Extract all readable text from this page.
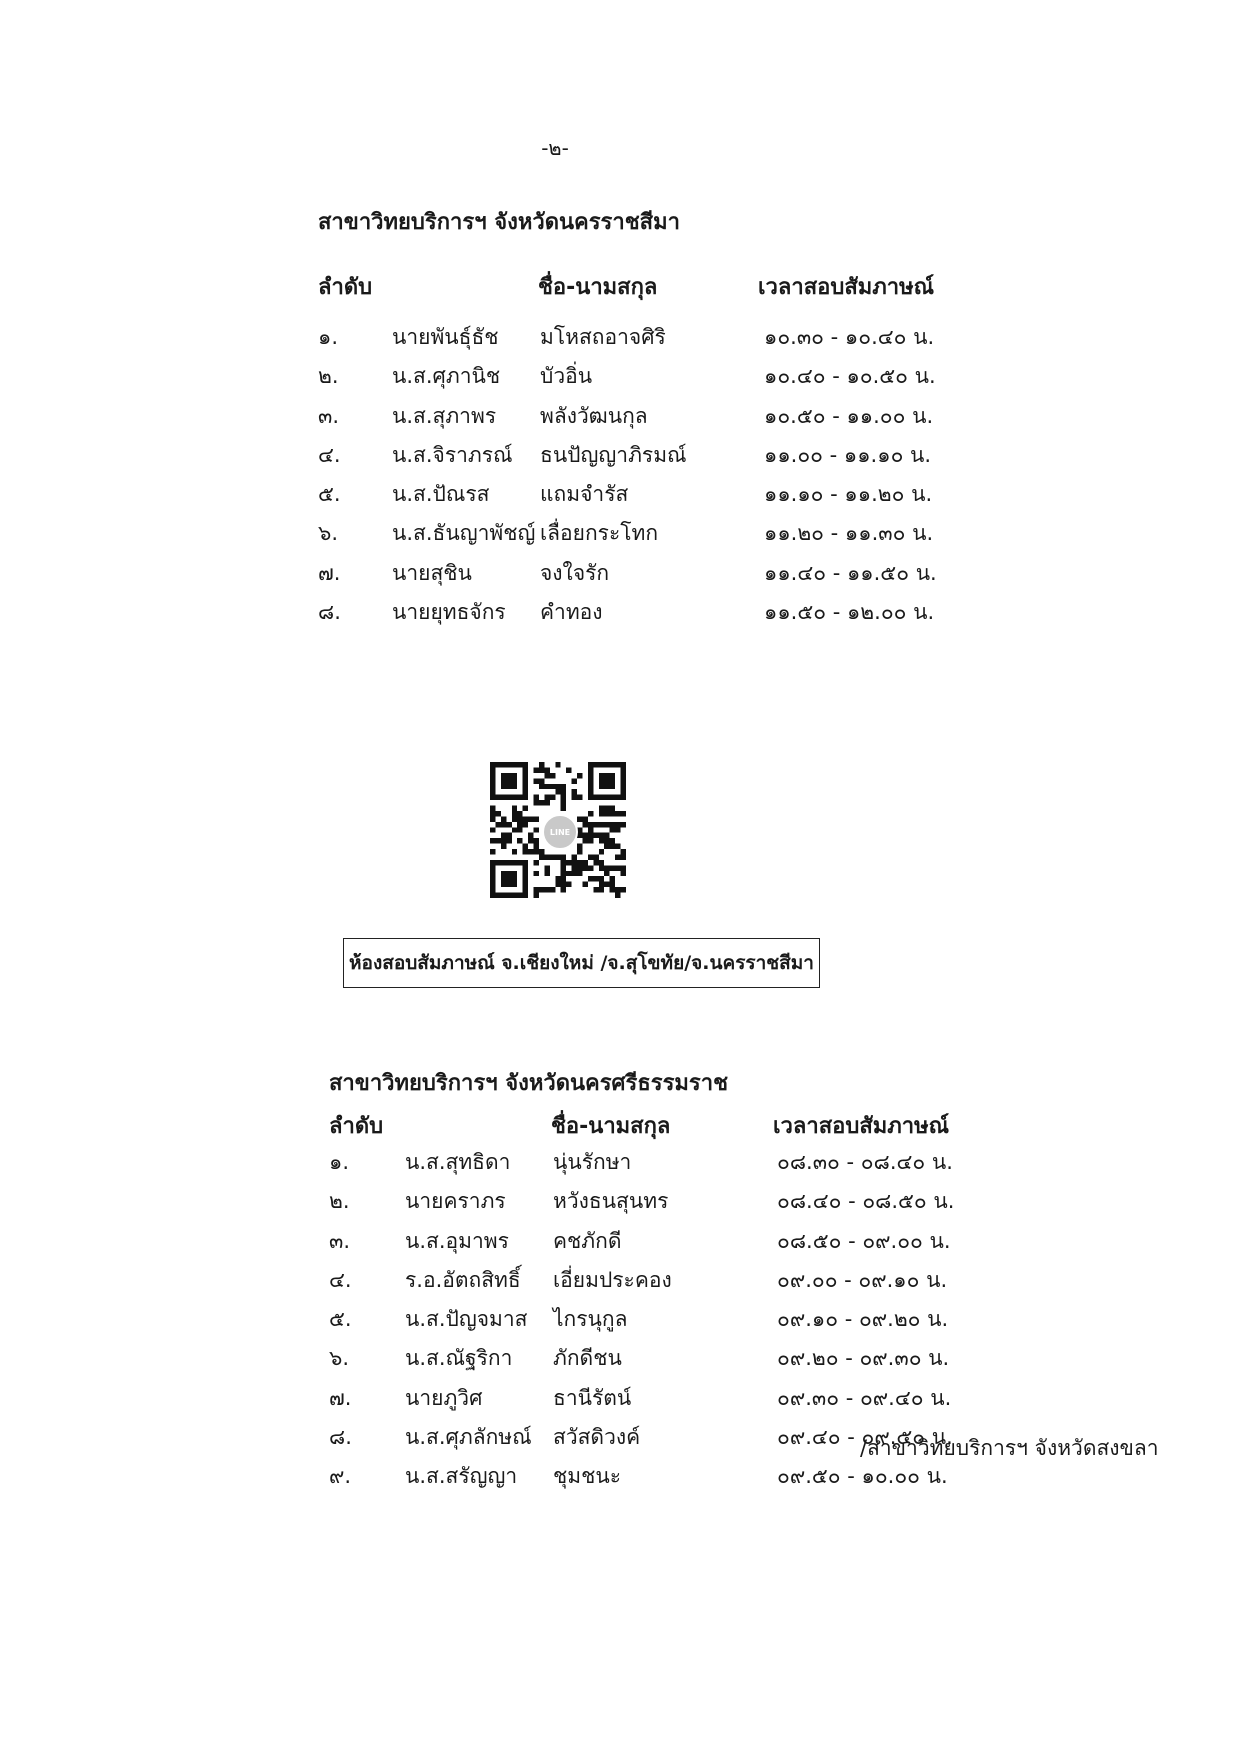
-๒-
สาขาวิทยบริการฯ จังหวัดนครราชสีมา
ลำดับ	ชื่อ-นามสกุล	เวลาสอบสัมภาษณ์
๑.	นายพันธุ์ธัช มโหสถอาจศิริ	๑๐.๓๐ - ๑๐.๔๐ น.
๒.	น.ส.ศุภานิช บัวอิ่น	๑๐.๔๐ - ๑๐.๕๐ น.
๓.	น.ส.สุภาพร พลังวัฒนกุล	๑๐.๕๐ - ๑๑.๐๐ น.
๔. น.ส.จิราภรณ์ ธนปัญญาภิรมณ์	๑๑.๐๐ - ๑๑.๑๐ น.
๕. น.ส.ปัณรส แถมจำรัส	๑๑.๑๐ - ๑๑.๒๐ น.
๖.	น.ส.ธันญาพัชญ์ เลื่อยกระโทก	๑๑.๒๐ - ๑๑.๓๐ น.
๗. นายสุชิน	จงใจรัก	๑๑.๔๐ - ๑๑.๕๐ น.
๘. นายยุทธจักร คำทอง	๑๑.๕๐ - ๑๒.๐๐ น.
LINE
ห้องสอบสัมภาษณ์ จ.เชียงใหม่ /จ.สุโขทัย/จ.นครราชสีมา
สาขาวิทยบริการฯ จังหวัดนครศรีธรรมราช
ลำดับ	ชื่อ-นามสกุล	เวลาสอบสัมภาษณ์
๑.	น.ส.สุทธิดา นุ่นรักษา	๐๘.๓๐ - ๐๘.๔๐ น.
๒.	นายคราภร หวังธนสุนทร	๐๘.๔๐ - ๐๘.๕๐ น.
๓.	น.ส.อุมาพร คชภักดี	๐๘.๕๐ - ๐๙.๐๐ น.
๔.	ร.อ.อัตถสิทธิ์ เอี่ยมประคอง	๐๙.๐๐ - ๐๙.๑๐ น.
๕.	น.ส.ปัญจมาส ไกรนุกูล	๐๙.๑๐ - ๐๙.๒๐ น.
๖.	น.ส.ณัฐริกา ภักดีชน	๐๙.๒๐ - ๐๙.๓๐ น.
๗.	นายภูวิศ	ธานีรัตน์	๐๙.๓๐ - ๐๙.๔๐ น.
๘.	น.ส.ศุภลักษณ์ สวัสดิวงค์	๐๙.๔๐ - ๐๙.๕๐ น.
๙.	น.ส.สรัญญา ชุมชนะ	๐๙.๕๐ - ๑๐.๐๐ น.
/สาขาวิทยบริการฯ จังหวัดสงขลา
